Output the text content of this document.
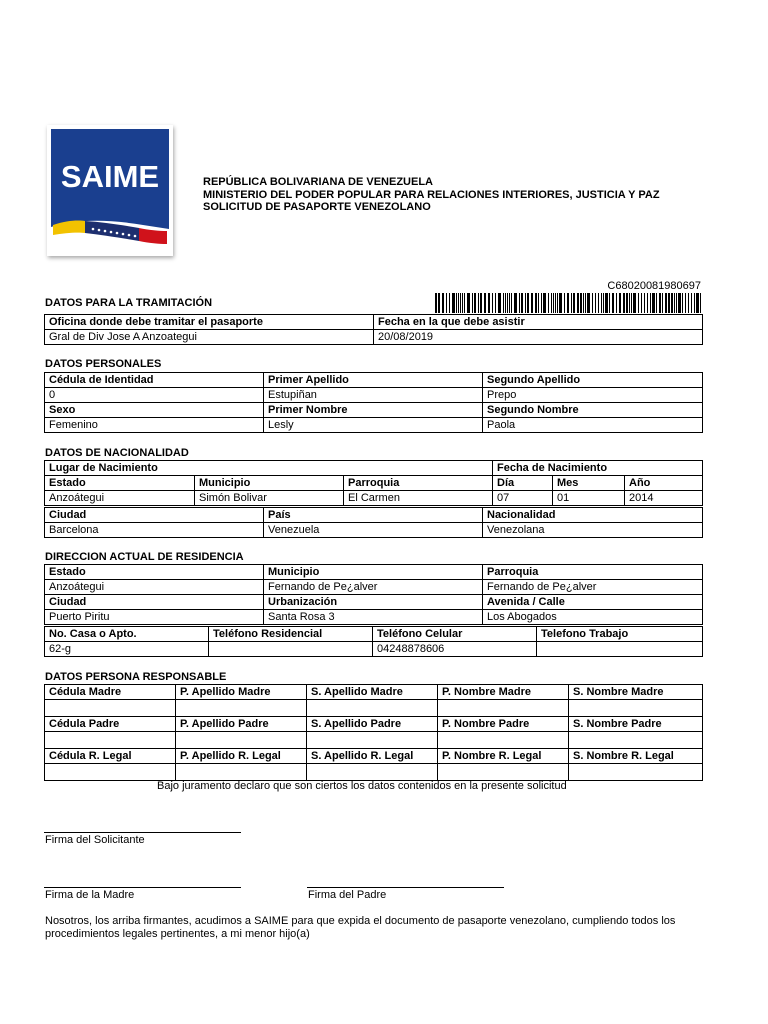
SAIME	REPÚBLICA BOLIVARIANA DE VENEZUELA
MINISTERIO DEL PODER POPULAR PARA RELACIONES INTERIORES, JUSTICIA Y PAZ
SOLICITUD DE PASAPORTE VENEZOLANO
C68020081980697
DATOS PARA LA TRAMITACIÓN
Oficina donde debe tramitar el pasaporte	Fecha en la que debe asistir
Gral de Div Jose A Anzoategui	20/08/2019
DATOS PERSONALES
Cédula de Identidad	Primer Apellido	Segundo Apellido
0	Estupiñan	Prepo
Sexo	Primer Nombre	Segundo Nombre
Femenino	Lesly	Paola
DATOS DE NACIONALIDAD
Lugar de Nacimiento			Fecha de Nacimiento		
Estado	Municipio	Parroquia	Día	Mes	Año
Anzoátegui	Simón Bolivar	El Carmen	07	01	2014
Ciudad	País	Nacionalidad
Barcelona	Venezuela	Venezolana
DIRECCION ACTUAL DE RESIDENCIA
Estado	Municipio	Parroquia
Anzoátegui	Fernando de Pe¿alver	Fernando de Pe¿alver
Ciudad	Urbanización	Avenida / Calle
Puerto Piritu	Santa Rosa 3	Los Abogados
No. Casa o Apto.	Teléfono Residencial	Teléfono Celular	Telefono Trabajo
62-g		04248878606	
DATOS PERSONA RESPONSABLE
Cédula Madre	P. Apellido Madre	S. Apellido Madre	P. Nombre Madre	S. Nombre Madre

Cédula Padre	P. Apellido Padre	S. Apellido Padre	P. Nombre Padre	S. Nombre Padre

Cédula R. Legal	P. Apellido R. Legal	S. Apellido R. Legal	P. Nombre R. Legal	S. Nombre R. Legal

Bajo juramento declaro que son ciertos los datos contenidos en la presente solicitud
Firma del Solicitante
Firma de la Madre	Firma del Padre
Nosotros, los arriba firmantes, acudimos a SAIME para que expida el documento de pasaporte venezolano, cumpliendo todos los procedimientos legales pertinentes, a mi menor hijo(a)
